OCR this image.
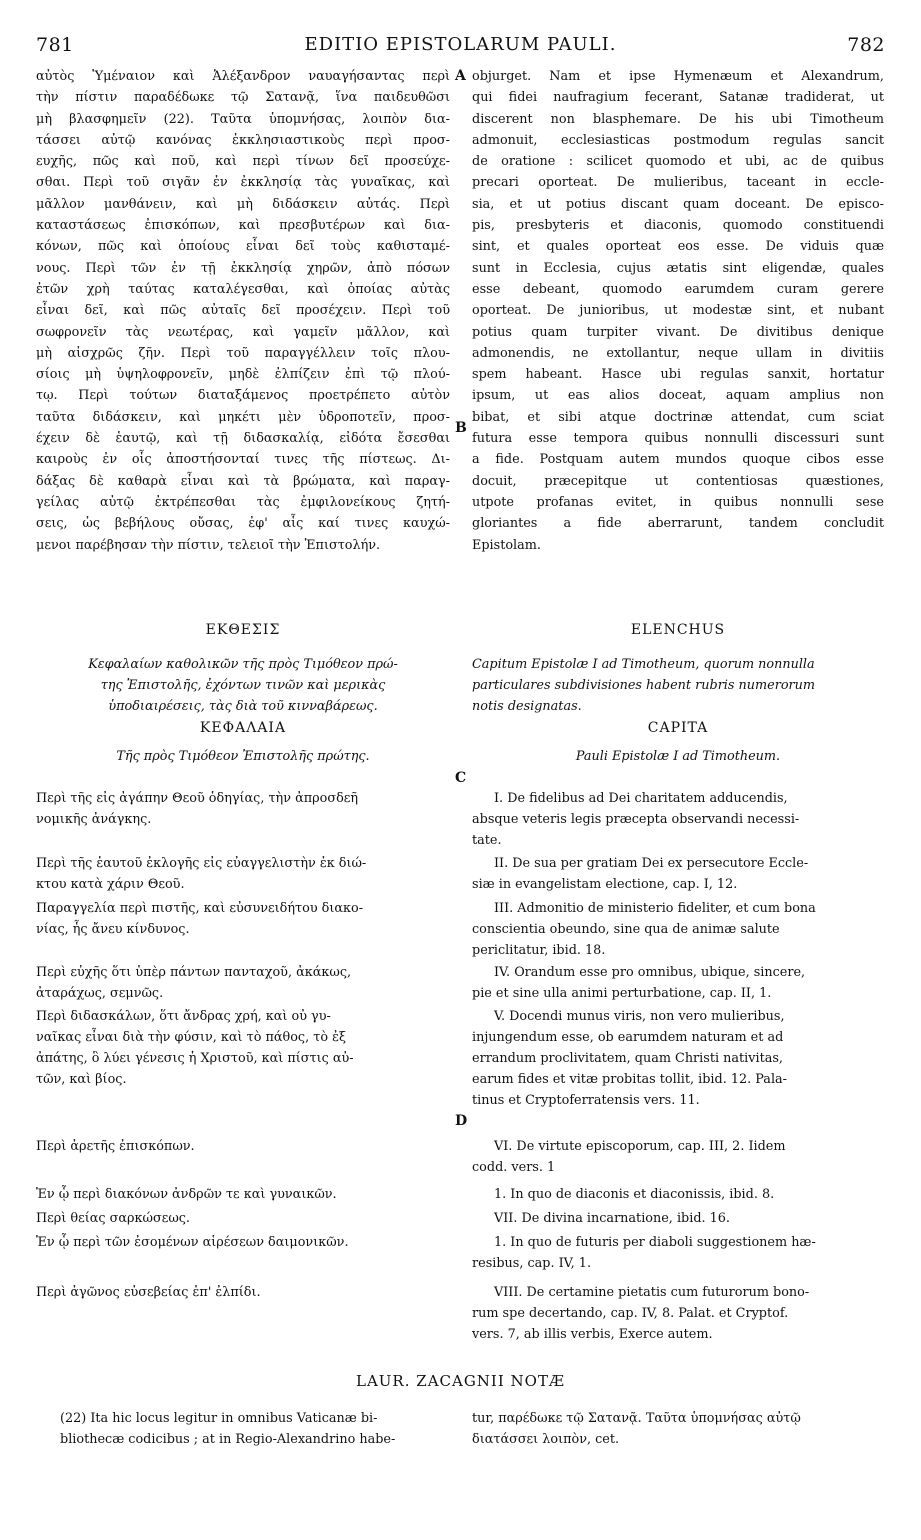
781	EDITIO EPISTOLARUM PAULI.	782
αὐτὸς Ὑμέναιον καὶ Ἀλέξανδρον ναυαγήσαντας περὶ
τὴν πίστιν παραδέδωκε τῷ Σατανᾷ, ἵνα παιδευθῶσι
μὴ βλασφημεῖν (22). Ταῦτα ὑπομνήσας, λοιπὸν δια-
τάσσει αὐτῷ κανόνας ἐκκλησιαστικοὺς περὶ προσ-
ευχῆς, πῶς καὶ ποῦ, καὶ περὶ τίνων δεῖ προσεύχε-
σθαι. Περὶ τοῦ σιγᾶν ἐν ἐκκλησίᾳ τὰς γυναῖκας, καὶ
μᾶλλον μανθάνειν, καὶ μὴ διδάσκειν αὐτάς. Περὶ
καταστάσεως ἐπισκόπων, καὶ πρεσβυτέρων καὶ δια-
κόνων, πῶς καὶ ὁποίους εἶναι δεῖ τοὺς καθισταμέ-
νους. Περὶ τῶν ἐν τῇ ἐκκλησίᾳ χηρῶν, ἀπὸ πόσων
ἐτῶν χρὴ ταύτας καταλέγεσθαι, καὶ ὁποίας αὐτὰς
εἶναι δεῖ, καὶ πῶς αὐταῖς δεῖ προσέχειν. Περὶ τοῦ
σωφρονεῖν τὰς νεωτέρας, καὶ γαμεῖν μᾶλλον, καὶ
μὴ αἰσχρῶς ζῆν. Περὶ τοῦ παραγγέλλειν τοῖς πλου-
σίοις μὴ ὑψηλοφρονεῖν, μηδὲ ἐλπίζειν ἐπὶ τῷ πλού-
τῳ. Περὶ τούτων διαταξάμενος προετρέπετο αὐτὸν
ταῦτα διδάσκειν, καὶ μηκέτι μὲν ὑδροποτεῖν, προσ-
έχειν δὲ ἑαυτῷ, καὶ τῇ διδασκαλίᾳ, εἰδότα ἔσεσθαι
καιροὺς ἐν οἷς ἀποστήσονταί τινες τῆς πίστεως. Δι-
δάξας δὲ καθαρὰ εἶναι καὶ τὰ βρώματα, καὶ παραγ-
γείλας αὐτῷ ἐκτρέπεσθαι τὰς ἐμφιλονείκους ζητή-
σεις, ὡς βεβήλους οὔσας, ἐφ' αἷς καί τινες καυχώ-
μενοι παρέβησαν τὴν πίστιν, τελειοῖ τὴν Ἐπιστολήν.
objurget. Nam et ipse Hymenæum et Alexandrum,
qui fidei naufragium fecerant, Satanæ tradiderat, ut
discerent non blasphemare. De his ubi Timotheum
admonuit, ecclesiasticas postmodum regulas sancit
de oratione : scilicet quomodo et ubi, ac de quibus
precari oporteat. De mulieribus, taceant in eccle-
sia, et ut potius discant quam doceant. De episco-
pis, presbyteris et diaconis, quomodo constituendi
sint, et quales oporteat eos esse. De viduis quæ
sunt in Ecclesia, cujus ætatis sint eligendæ, quales
esse debeant, quomodo earumdem curam gerere
oporteat. De junioribus, ut modestæ sint, et nubant
potius quam turpiter vivant. De divitibus denique
admonendis, ne extollantur, neque ullam in divitiis
spem habeant. Hasce ubi regulas sanxit, hortatur
ipsum, ut eas alios doceat, aquam amplius non
bibat, et sibi atque doctrinæ attendat, cum sciat
futura esse tempora quibus nonnulli discessuri sunt
a fide. Postquam autem mundos quoque cibos esse
docuit, præcepitque ut contentiosas quæstiones,
utpote profanas evitet, in quibus nonnulli sese
gloriantes a fide aberrarunt, tandem concludit
Epistolam.
A
B
C
D
ΕΚΘΕΣΙΣ
Κεφαλαίων καθολικῶν τῆς πρὸς Τιμόθεον πρώ-
της Ἐπιστολῆς, ἐχόντων τινῶν καὶ μερικὰς
ὑποδιαιρέσεις, τὰς διὰ τοῦ κινναβάρεως.
ELENCHUS
Capitum Epistolæ I ad Timotheum, quorum nonnulla
particulares subdivisiones habent rubris numerorum
notis designatas.
ΚΕΦΑΛΑΙΑ
Τῆς πρὸς Τιμόθεον Ἐπιστολῆς πρώτης.
CAPITA
Pauli Epistolæ I ad Timotheum.
Περὶ τῆς εἰς ἀγάπην Θεοῦ ὁδηγίας, τὴν ἀπροσδεῆ
νομικῆς ἀνάγκης.
Περὶ τῆς ἑαυτοῦ ἐκλογῆς εἰς εὐαγγελιστὴν ἐκ διώ-
κτου κατὰ χάριν Θεοῦ.
Παραγγελία περὶ πιστῆς, καὶ εὐσυνειδήτου διακο-
νίας, ἧς ἄνευ κίνδυνος.
Περὶ εὐχῆς ὅτι ὑπὲρ πάντων πανταχοῦ, ἀκάκως,
ἀταράχως, σεμνῶς.
Περὶ διδασκάλων, ὅτι ἄνδρας χρή, καὶ οὐ γυ-
ναῖκας εἶναι διὰ τὴν φύσιν, καὶ τὸ πάθος, τὸ ἐξ
ἀπάτης, ὃ λύει γένεσις ἡ Χριστοῦ, καὶ πίστις αὐ-
τῶν, καὶ βίος.
Περὶ ἀρετῆς ἐπισκόπων.
Ἐν ᾧ περὶ διακόνων ἀνδρῶν τε καὶ γυναικῶν.
Περὶ θείας σαρκώσεως.
Ἐν ᾧ περὶ τῶν ἐσομένων αἱρέσεων δαιμονικῶν.
Περὶ ἀγῶνος εὐσεβείας ἐπ' ἐλπίδι.
I. De fidelibus ad Dei charitatem adducendis,
absque veteris legis præcepta observandi necessi-
tate.
II. De sua per gratiam Dei ex persecutore Eccle-
siæ in evangelistam electione, cap. I, 12.
III. Admonitio de ministerio fideliter, et cum bona
conscientia obeundo, sine qua de animæ salute
periclitatur, ibid. 18.
IV. Orandum esse pro omnibus, ubique, sincere,
pie et sine ulla animi perturbatione, cap. II, 1.
V. Docendi munus viris, non vero mulieribus,
injungendum esse, ob earumdem naturam et ad
errandum proclivitatem, quam Christi nativitas,
earum fides et vitæ probitas tollit, ibid. 12. Pala-
tinus et Cryptoferratensis vers. 11.
VI. De virtute episcoporum, cap. III, 2. Iidem
codd. vers. 1
1. In quo de diaconis et diaconissis, ibid. 8.
VII. De divina incarnatione, ibid. 16.
1. In quo de futuris per diaboli suggestionem hæ-
resibus, cap. IV, 1.
VIII. De certamine pietatis cum futurorum bono-
rum spe decertando, cap. IV, 8. Palat. et Cryptof.
vers. 7, ab illis verbis, Exerce autem.
LAUR. ZACAGNII NOTÆ
(22) Ita hic locus legitur in omnibus Vaticanæ bi-
bliothecæ codicibus ; at in Regio-Alexandrino habe-
tur, παρέδωκε τῷ Σατανᾷ. Ταῦτα ὑπομνήσας αὐτῷ
διατάσσει λοιπὸν, cet.
